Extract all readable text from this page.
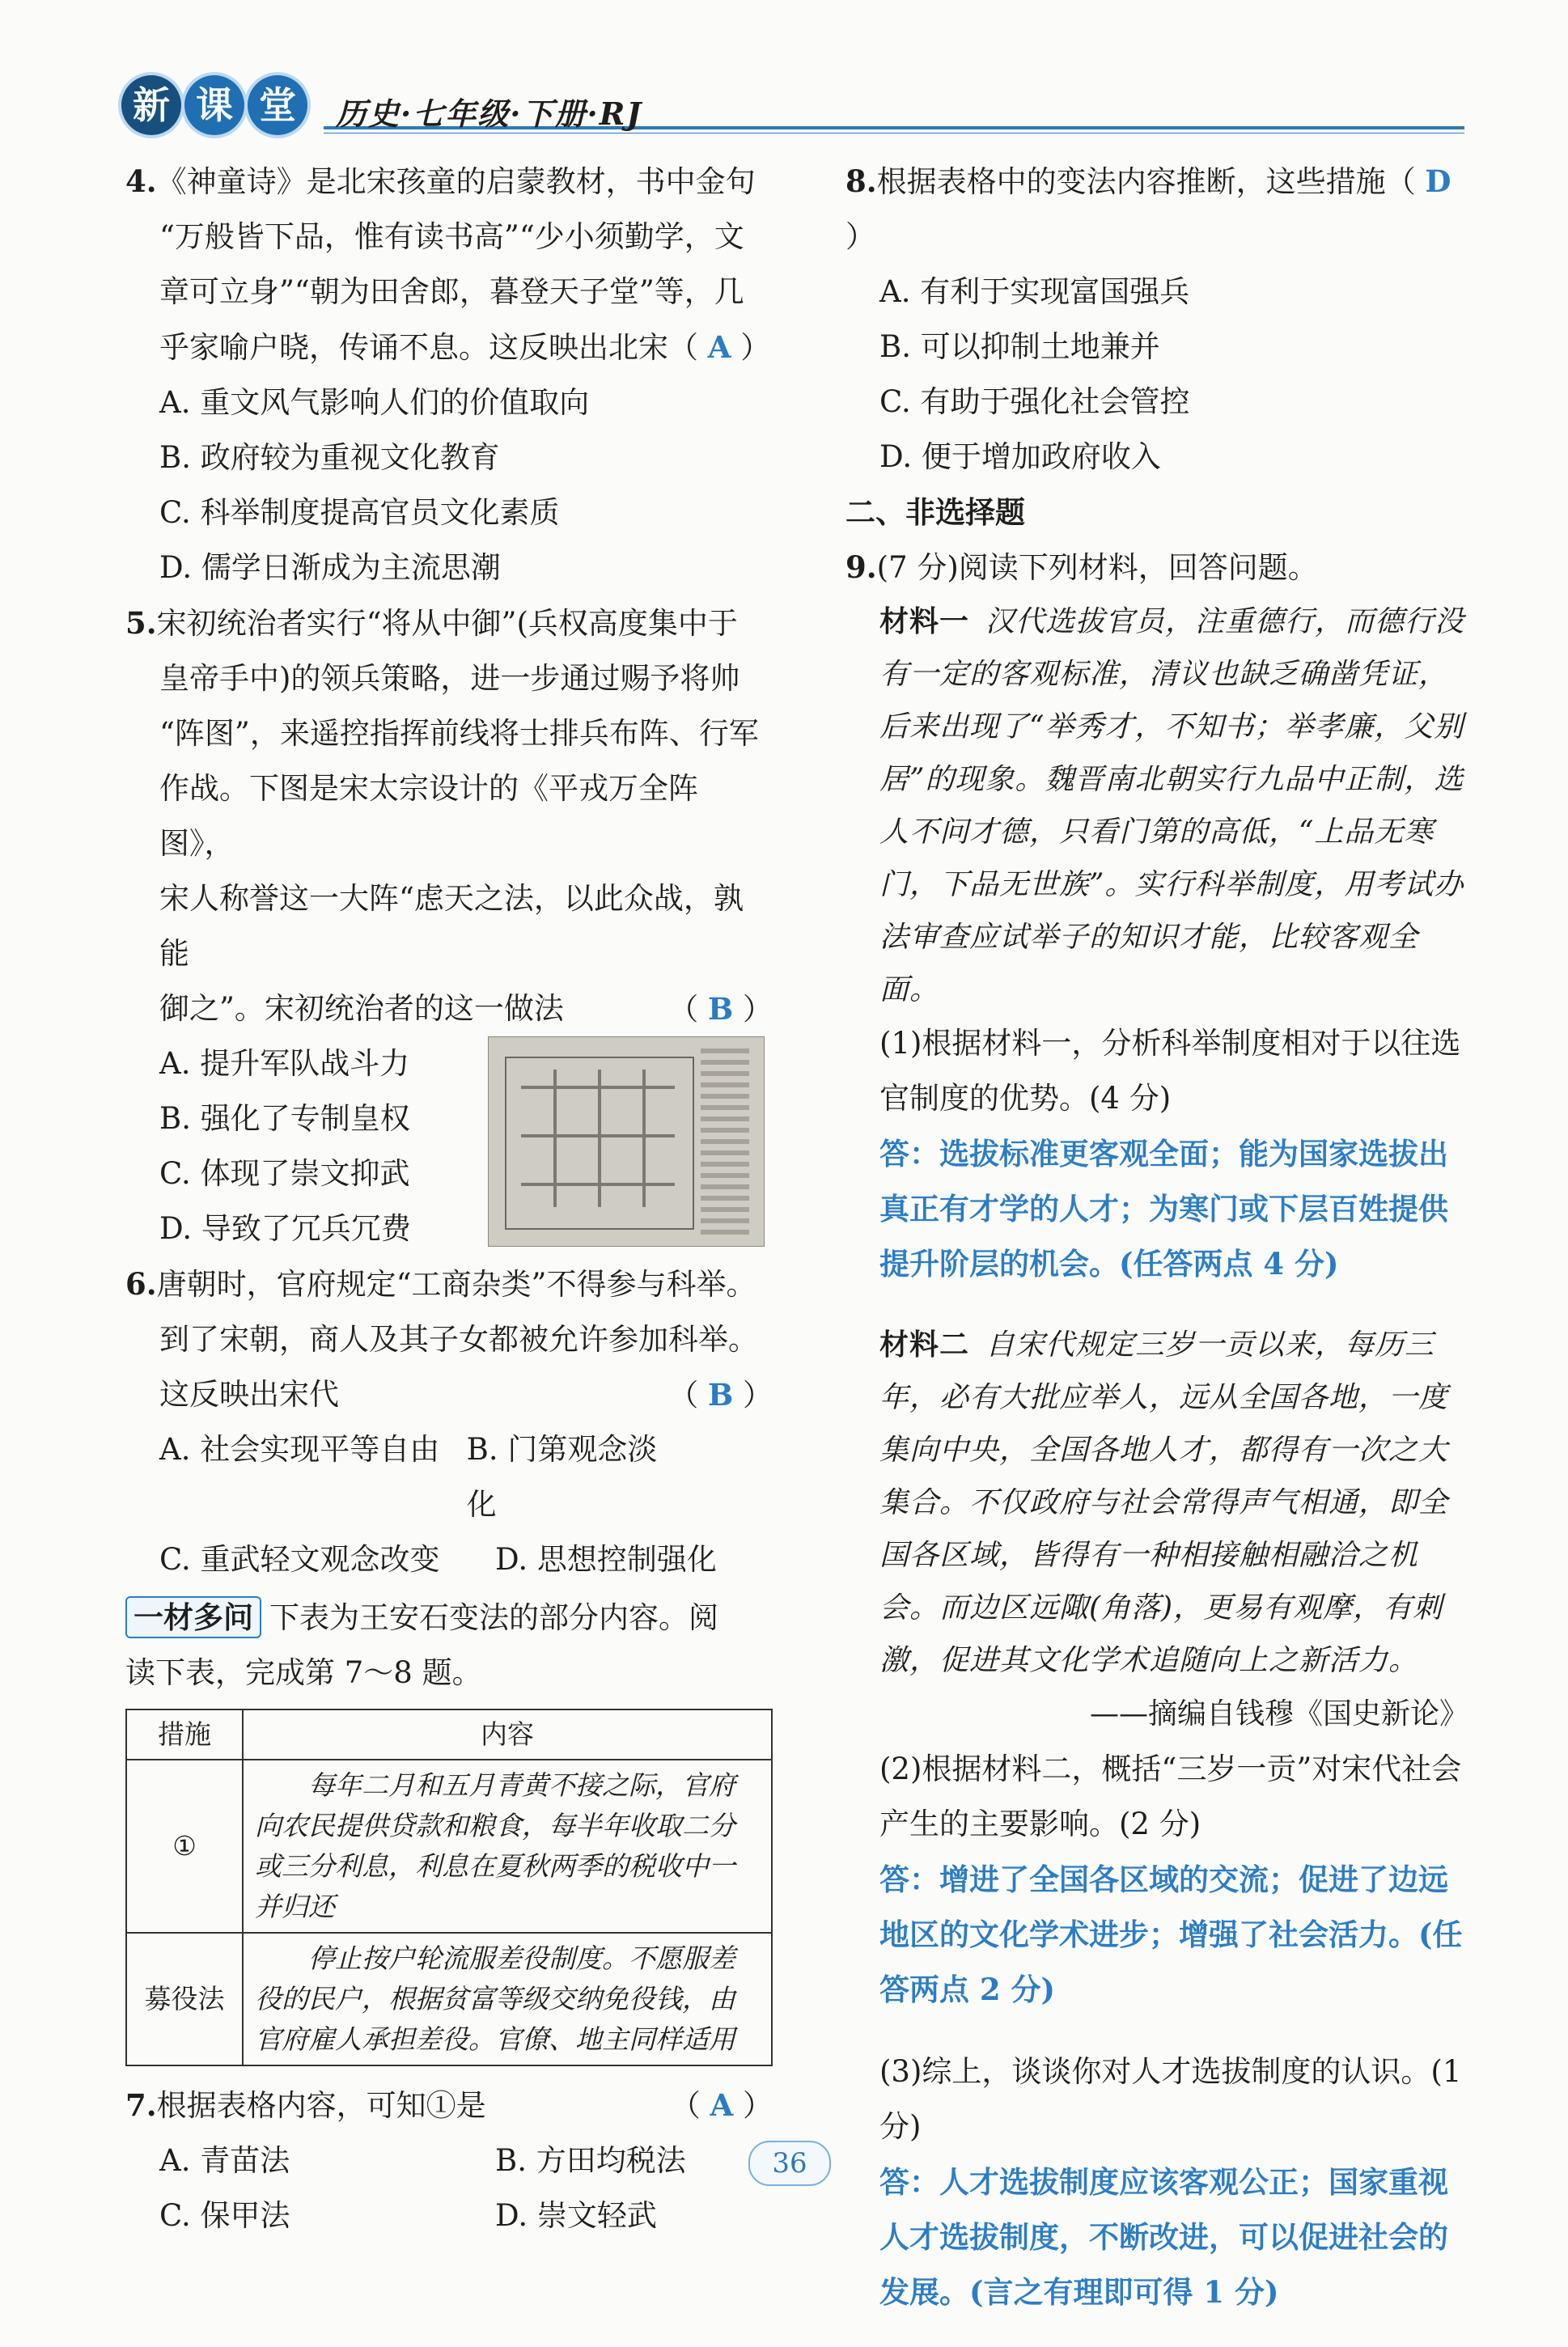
新 课 堂	历史·七年级·下册·RJ
4.《神童诗》是北宋孩童的启蒙教材，书中金句
“万般皆下品，惟有读书高”“少小须勤学，文
章可立身”“朝为田舍郎，暮登天子堂”等，几
乎家喻户晓，传诵不息。这反映出北宋（ A ）
A. 重文风气影响人们的价值取向
B. 政府较为重视文化教育
C. 科举制度提高官员文化素质
D. 儒学日渐成为主流思潮
5.宋初统治者实行“将从中御”(兵权高度集中于
皇帝手中)的领兵策略，进一步通过赐予将帅
“阵图”，来遥控指挥前线将士排兵布阵、行军
作战。下图是宋太宗设计的《平戎万全阵图》，
宋人称誉这一大阵“虑天之法，以此众战，孰能
御之”。宋初统治者的这一做法	（ B ）
A. 提升军队战斗力
B. 强化了专制皇权
C. 体现了崇文抑武
D. 导致了冗兵冗费
6.唐朝时，官府规定“工商杂类”不得参与科举。
到了宋朝，商人及其子女都被允许参加科举。
这反映出宋代	（ B ）
A. 社会实现平等自由 B. 门第观念淡化
C. 重武轻文观念改变	D. 思想控制强化
一材多问 下表为王安石变法的部分内容。阅
读下表，完成第 7～8 题。
措施	内容
①	每年二月和五月青黄不接之际，官府向农民提供贷款和粮食，每半年收取二分或三分利息，利息在夏秋两季的税收中一并归还
募役法	停止按户轮流服差役制度。不愿服差役的民户，根据贫富等级交纳免役钱，由官府雇人承担差役。官僚、地主同样适用
7.根据表格内容，可知①是	（ A ）
A. 青苗法	B. 方田均税法
C. 保甲法	D. 崇文轻武
8.根据表格中的变法内容推断，这些措施（ D ）
A. 有利于实现富国强兵
B. 可以抑制土地兼并
C. 有助于强化社会管控
D. 便于增加政府收入
二、非选择题
9.(7 分)阅读下列材料，回答问题。
材料一 汉代选拔官员，注重德行，而德行没有一定的客观标准，清议也缺乏确凿凭证，后来出现了“举秀才，不知书；举孝廉，父别居”的现象。魏晋南北朝实行九品中正制，选人不问才德，只看门第的高低，“上品无寒门，下品无世族”。实行科举制度，用考试办法审查应试举子的知识才能，比较客观全面。
(1)根据材料一，分析科举制度相对于以往选官制度的优势。(4 分)
答：选拔标准更客观全面；能为国家选拔出真正有才学的人才；为寒门或下层百姓提供提升阶层的机会。(任答两点 4 分)
材料二 自宋代规定三岁一贡以来，每历三年，必有大批应举人，远从全国各地，一度集向中央，全国各地人才，都得有一次之大集合。不仅政府与社会常得声气相通，即全国各区域，皆得有一种相接触相融洽之机会。而边区远陬(角落)，更易有观摩，有刺激，促进其文化学术追随向上之新活力。
——摘编自钱穆《国史新论》
(2)根据材料二，概括“三岁一贡”对宋代社会产生的主要影响。(2 分)
答：增进了全国各区域的交流；促进了边远地区的文化学术进步；增强了社会活力。(任答两点 2 分)
(3)综上，谈谈你对人才选拔制度的认识。(1 分)
答：人才选拔制度应该客观公正；国家重视人才选拔制度，不断改进，可以促进社会的发展。(言之有理即可得 1 分)
36
